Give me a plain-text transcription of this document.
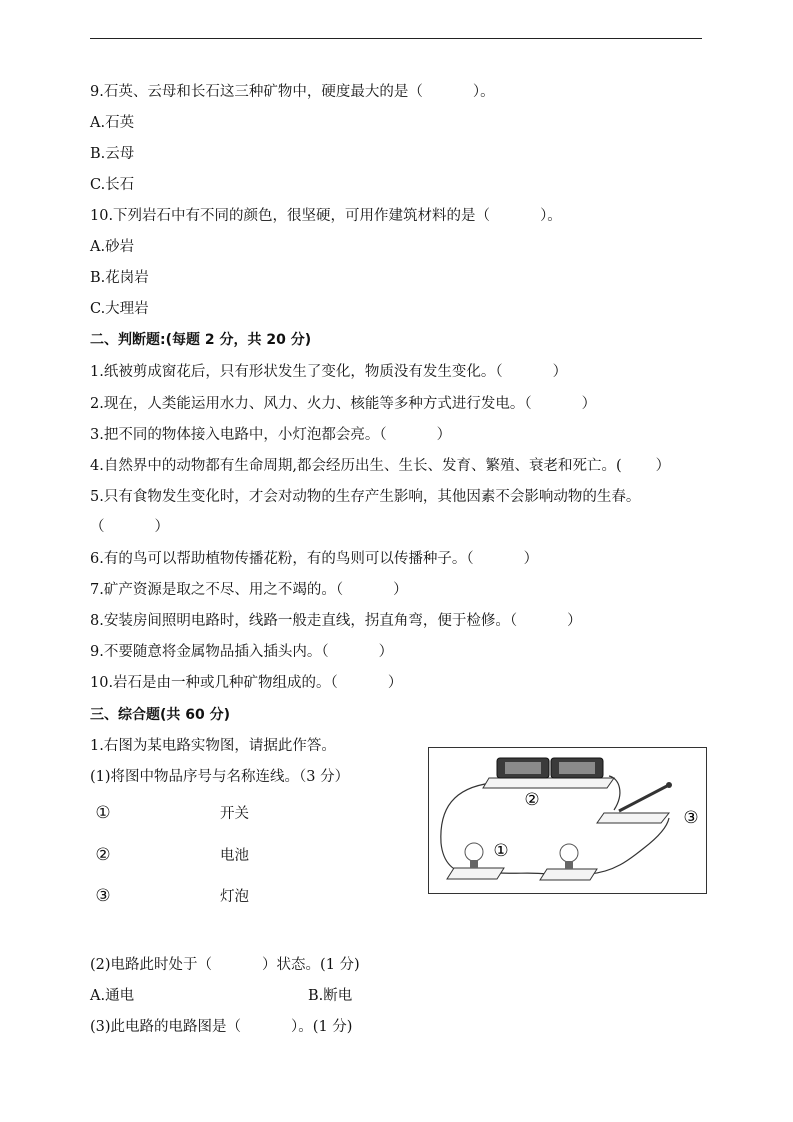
9.石英、云母和长石这三种矿物中，硬度最大的是（	）。
A.石英
B.云母
C.长石
10.下列岩石中有不同的颜色，很坚硬，可用作建筑材料的是（	）。
A.砂岩
B.花岗岩
C.大理岩
二、判断题:(每题 2 分，共 20 分)
1.纸被剪成窗花后，只有形状发生了变化，物质没有发生变化。（	）
2.现在，人类能运用水力、风力、火力、核能等多种方式进行发电。（	）
3.把不同的物体接入电路中，小灯泡都会亮。（	）
4.自然界中的动物都有生命周期,都会经历出生、生长、发育、繁殖、衰老和死亡。( ）
5.只有食物发生变化时，才会对动物的生存产生影响，其他因素不会影响动物的生春。
（	）
6.有的鸟可以帮助植物传播花粉，有的鸟则可以传播种子。（	）
7.矿产资源是取之不尽、用之不竭的。（	）
8.安装房间照明电路时，线路一般走直线，拐直角弯，便于检修。（	）
9.不要随意将金属物品插入插头内。（	）
10.岩石是由一种或几种矿物组成的。（	）
三、综合题(共 60 分)
1.右图为某电路实物图，请据此作答。
(1)将图中物品序号与名称连线。（3 分）
①	开关
②	电池
③	灯泡
②
③
①
(2)电路此时处于（	）状态。(1 分)
A.通电	B.断电
(3)此电路的电路图是（	）。(1 分)
